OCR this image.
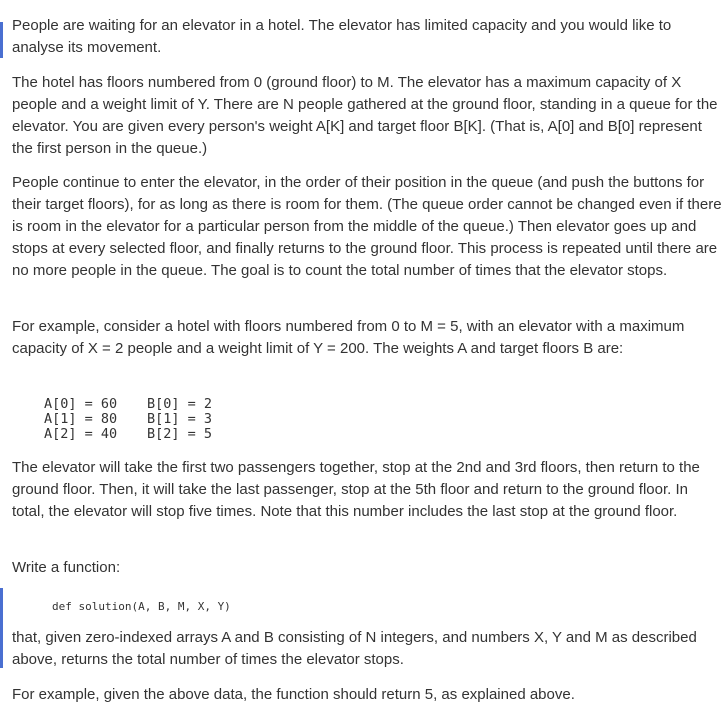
People are waiting for an elevator in a hotel. The elevator has limited capacity and you would like to analyse its movement.

The hotel has floors numbered from 0 (ground floor) to M. The elevator has a maximum capacity of X people and a weight limit of Y. There are N people gathered at the ground floor, standing in a queue for the elevator. You are given every person's weight A[K] and target floor B[K]. (That is, A[0] and B[0] represent the first person in the queue.)

People continue to enter the elevator, in the order of their position in the queue (and push the buttons for their target floors), for as long as there is room for them. (The queue order cannot be changed even if there is room in the elevator for a particular person from the middle of the queue.) Then elevator goes up and stops at every selected floor, and finally returns to the ground floor. This process is repeated until there are no more people in the queue. The goal is to count the total number of times that the elevator stops.

For example, consider a hotel with floors numbered from 0 to M = 5, with an elevator with a maximum capacity of X = 2 people and a weight limit of Y = 200. The weights A and target floors B are:

A[0] = 60 B[0] = 2
A[1] = 80 B[1] = 3
A[2] = 40 B[2] = 5

The elevator will take the first two passengers together, stop at the 2nd and 3rd floors, then return to the ground floor. Then, it will take the last passenger, stop at the 5th floor and return to the ground floor. In total, the elevator will stop five times. Note that this number includes the last stop at the ground floor.

Write a function:

def solution(A, B, M, X, Y)

that, given zero-indexed arrays A and B consisting of N integers, and numbers X, Y and M as described above, returns the total number of times the elevator stops.

For example, given the above data, the function should return 5, as explained above.
